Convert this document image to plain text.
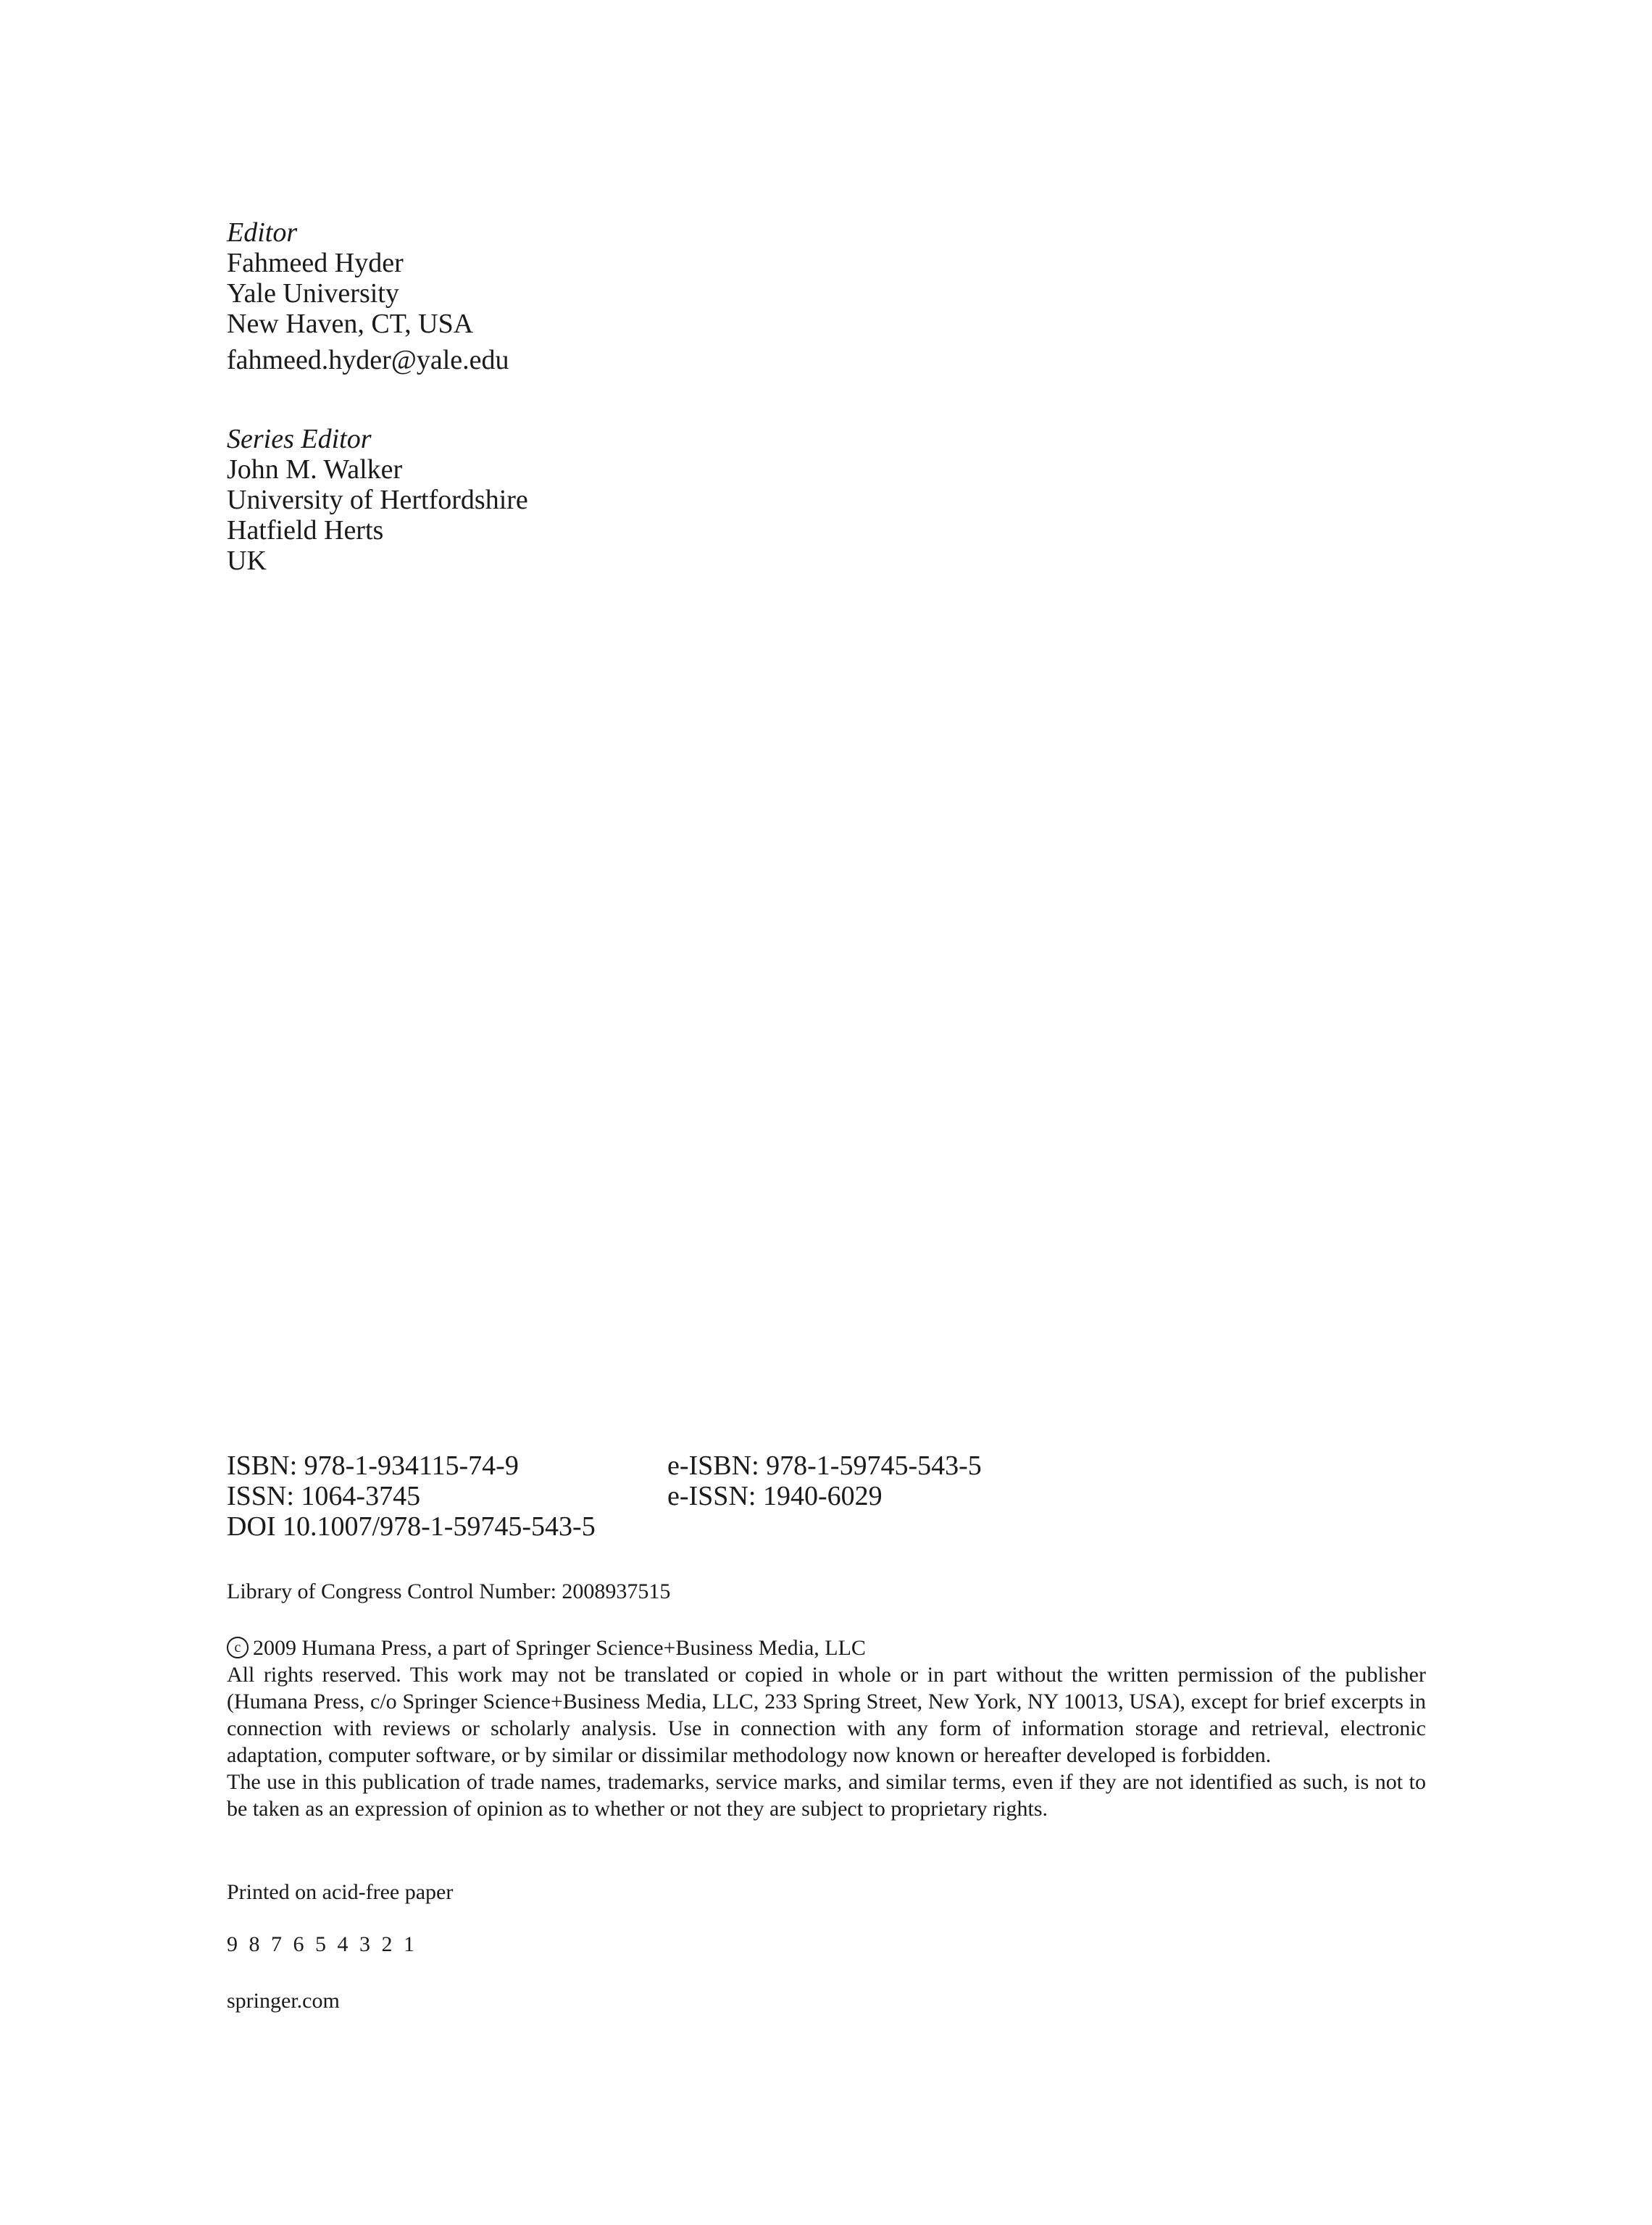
Editor
Fahmeed Hyder
Yale University
New Haven, CT, USA
fahmeed.hyder@yale.edu
Series Editor
John M. Walker
University of Hertfordshire
Hatfield Herts
UK
ISBN: 978-1-934115-74-9	e-ISBN: 978-1-59745-543-5
ISSN: 1064-3745	e-ISSN: 1940-6029
DOI 10.1007/978-1-59745-543-5
Library of Congress Control Number: 2008937515
c 2009 Humana Press, a part of Springer Science+Business Media, LLC
All rights reserved. This work may not be translated or copied in whole or in part without the written permission of the publisher (Humana Press, c/o Springer Science+Business Media, LLC, 233 Spring Street, New York, NY 10013, USA), except for brief excerpts in connection with reviews or scholarly analysis. Use in connection with any form of information storage and retrieval, electronic adaptation, computer software, or by similar or dissimilar methodology now known or hereafter developed is forbidden.
The use in this publication of trade names, trademarks, service marks, and similar terms, even if they are not identified as such, is not to be taken as an expression of opinion as to whether or not they are subject to proprietary rights.
Printed on acid-free paper
9 8 7 6 5 4 3 2 1
springer.com
